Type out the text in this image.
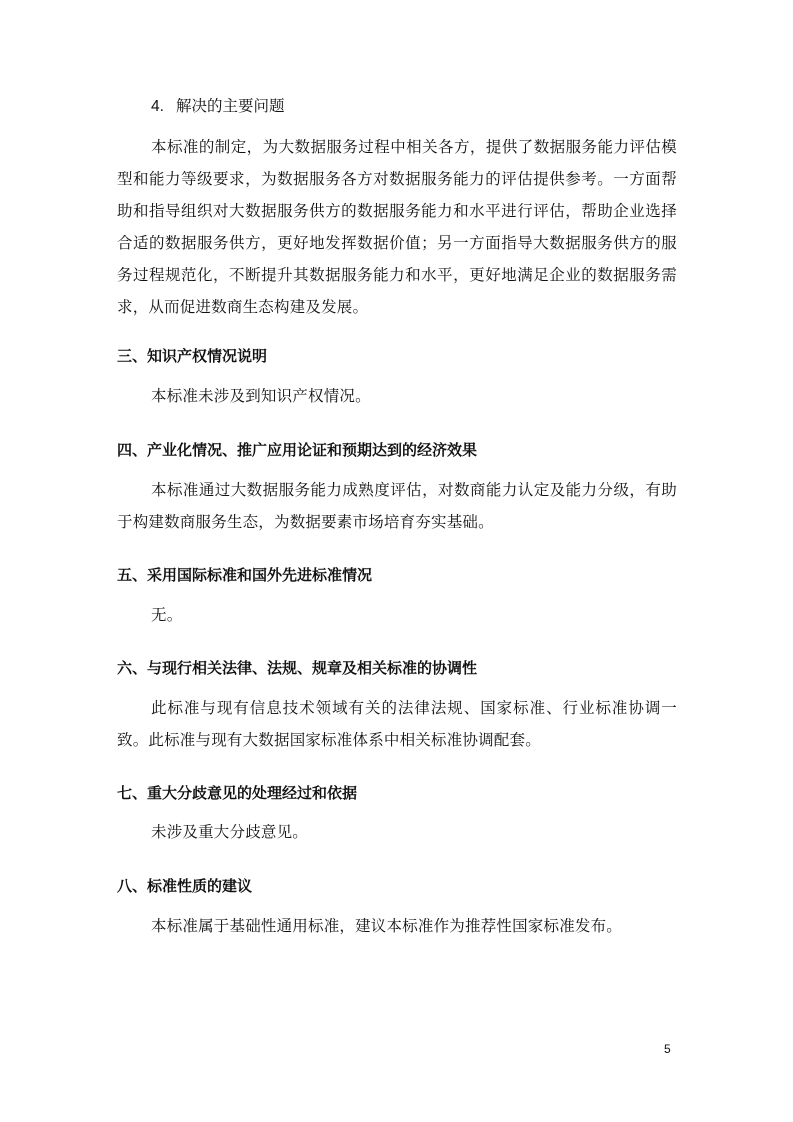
4. 解决的主要问题
本标准的制定，为大数据服务过程中相关各方，提供了数据服务能力评估模型和能力等级要求，为数据服务各方对数据服务能力的评估提供参考。一方面帮助和指导组织对大数据服务供方的数据服务能力和水平进行评估，帮助企业选择合适的数据服务供方，更好地发挥数据价值；另一方面指导大数据服务供方的服务过程规范化，不断提升其数据服务能力和水平，更好地满足企业的数据服务需求，从而促进数商生态构建及发展。
三、知识产权情况说明
本标准未涉及到知识产权情况。
四、产业化情况、推广应用论证和预期达到的经济效果
本标准通过大数据服务能力成熟度评估，对数商能力认定及能力分级，有助于构建数商服务生态，为数据要素市场培育夯实基础。
五、采用国际标准和国外先进标准情况
无。
六、与现行相关法律、法规、规章及相关标准的协调性
此标准与现有信息技术领域有关的法律法规、国家标准、行业标准协调一致。此标准与现有大数据国家标准体系中相关标准协调配套。
七、重大分歧意见的处理经过和依据
未涉及重大分歧意见。
八、标准性质的建议
本标准属于基础性通用标准，建议本标准作为推荐性国家标准发布。
5
